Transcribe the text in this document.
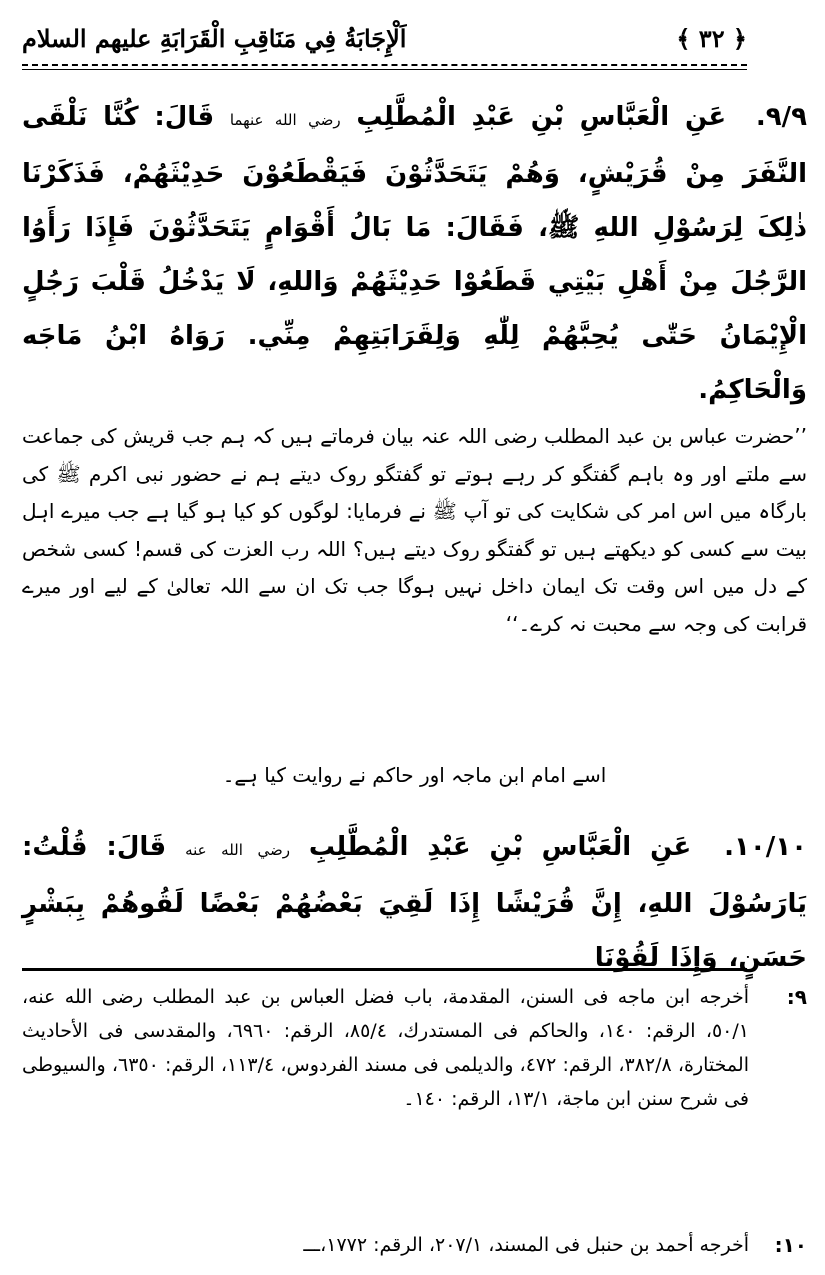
اَلْإِجَابَةُ فِي مَنَاقِبِ الْقَرَابَةِ عليهم السلام	﴿ ٣٢ ﴾
٩/٩. عَنِ الْعَبَّاسِ بْنِ عَبْدِ الْمُطَّلِبِ رضي الله عنهما قَالَ: كُنَّا نَلْقَى النَّفَرَ مِنْ قُرَيْشٍ، وَهُمْ يَتَحَدَّثُوْنَ فَيَقْطَعُوْنَ حَدِيْثَهُمْ، فَذَكَرْنَا ذٰلِکَ لِرَسُوْلِ اللهِ ﷺ، فَقَالَ: مَا بَالُ أَقْوَامٍ يَتَحَدَّثُوْنَ فَإِذَا رَأَوُا الرَّجُلَ مِنْ أَهْلِ بَيْتِي قَطَعُوْا حَدِيْثَهُمْ وَاللهِ، لَا يَدْخُلُ قَلْبَ رَجُلٍ الْإِيْمَانُ حَتّٰى يُحِبَّهُمْ لِلّٰهِ وَلِقَرَابَتِهِمْ مِنِّي. رَوَاهُ ابْنُ مَاجَه وَالْحَاكِمُ.
’’حضرت عباس بن عبد المطلب رضی اللہ عنہ بیان فرماتے ہیں کہ ہم جب قریش کی جماعت سے ملتے اور وہ باہم گفتگو کر رہے ہوتے تو گفتگو روک دیتے ہم نے حضور نبی اکرم ﷺ کی بارگاہ میں اس امر کی شکایت کی تو آپ ﷺ نے فرمایا: لوگوں کو کیا ہو گیا ہے جب میرے اہل بیت سے کسی کو دیکھتے ہیں تو گفتگو روک دیتے ہیں؟ اللہ رب العزت کی قسم! کسی شخص کے دل میں اس وقت تک ایمان داخل نہیں ہوگا جب تک ان سے اللہ تعالیٰ کے لیے اور میرے قرابت کی وجہ سے محبت نہ کرے۔‘‘
اسے امام ابن ماجہ اور حاکم نے روایت کیا ہے۔
١٠/١٠. عَنِ الْعَبَّاسِ بْنِ عَبْدِ الْمُطَّلِبِ رضي الله عنه قَالَ: قُلْتُ: يَارَسُوْلَ اللهِ، إِنَّ قُرَيْشًا إِذَا لَقِيَ بَعْضُهُمْ بَعْضًا لَقُوهُمْ بِبَشْرٍ حَسَنٍ، وَإِذَا لَقُوْنَا
٩:
أخرجه ابن ماجه فی السنن، المقدمة، باب فضل العباس بن عبد المطلب رضی الله عنه، ٥٠/١، الرقم: ١٤٠، والحاكم فی المستدرك، ٨٥/٤، الرقم: ٦٩٦٠، والمقدسی فی الأحاديث المختارة، ٣٨٢/٨، الرقم: ٤٧٢، والديلمی فی مسند الفردوس، ١١٣/٤، الرقم: ٦٣٥٠، والسيوطی فی شرح سنن ابن ماجة، ١٣/١، الرقم: ١٤٠۔
١٠:
أخرجه أحمد بن حنبل فی المسند، ٢٠٧/١، الرقم: ١٧٧٢،ـــ
